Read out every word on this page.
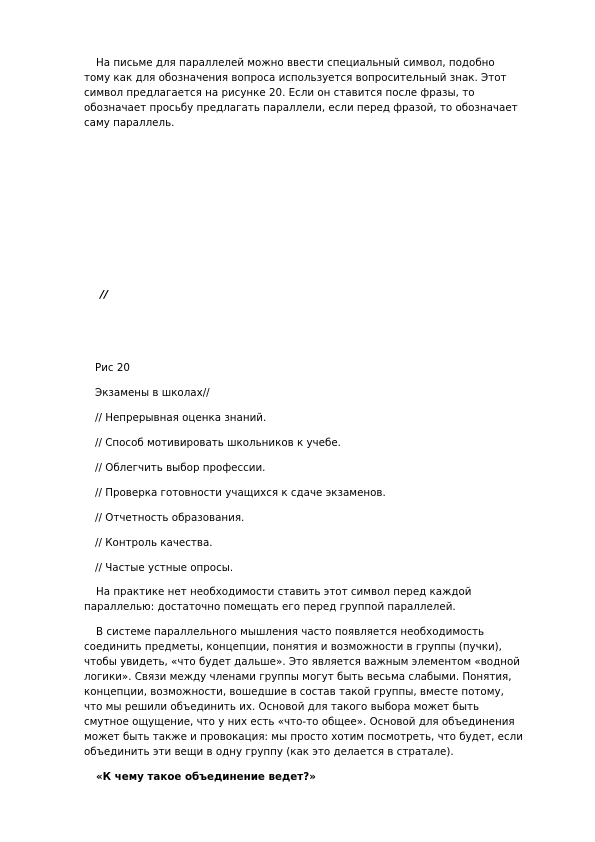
На письме для параллелей можно ввести специальный символ, подобно тому как для обозначения вопроса используется вопросительный знак. Этот символ предлагается на рисунке 20. Если он ставится после фразы, то обозначает просьбу предлагать параллели, если перед фразой, то обозначает саму параллель.

//

Рис 20

Экзамены в школах//

// Непрерывная оценка знаний.

// Способ мотивировать школьников к учебе.

// Облегчить выбор профессии.

// Проверка готовности учащихся к сдаче экзаменов.

// Отчетность образования.

// Контроль качества.

// Частые устные опросы.

На практике нет необходимости ставить этот символ перед каждой параллелью: достаточно помещать его перед группой параллелей.

В системе параллельного мышления часто появляется необходимость соединить предметы, концепции, понятия и возможности в группы (пучки), чтобы увидеть, «что будет дальше». Это является важным элементом «водной логики». Связи между членами группы могут быть весьма слабыми. Понятия, концепции, возможности, вошедшие в состав такой группы, вместе потому, что мы решили объединить их. Основой для такого выбора может быть смутное ощущение, что у них есть «что-то общее». Основой для объединения может быть также и провокация: мы просто хотим посмотреть, что будет, если объединить эти вещи в одну группу (как это делается в стратале).

«К чему такое объединение ведет?»
